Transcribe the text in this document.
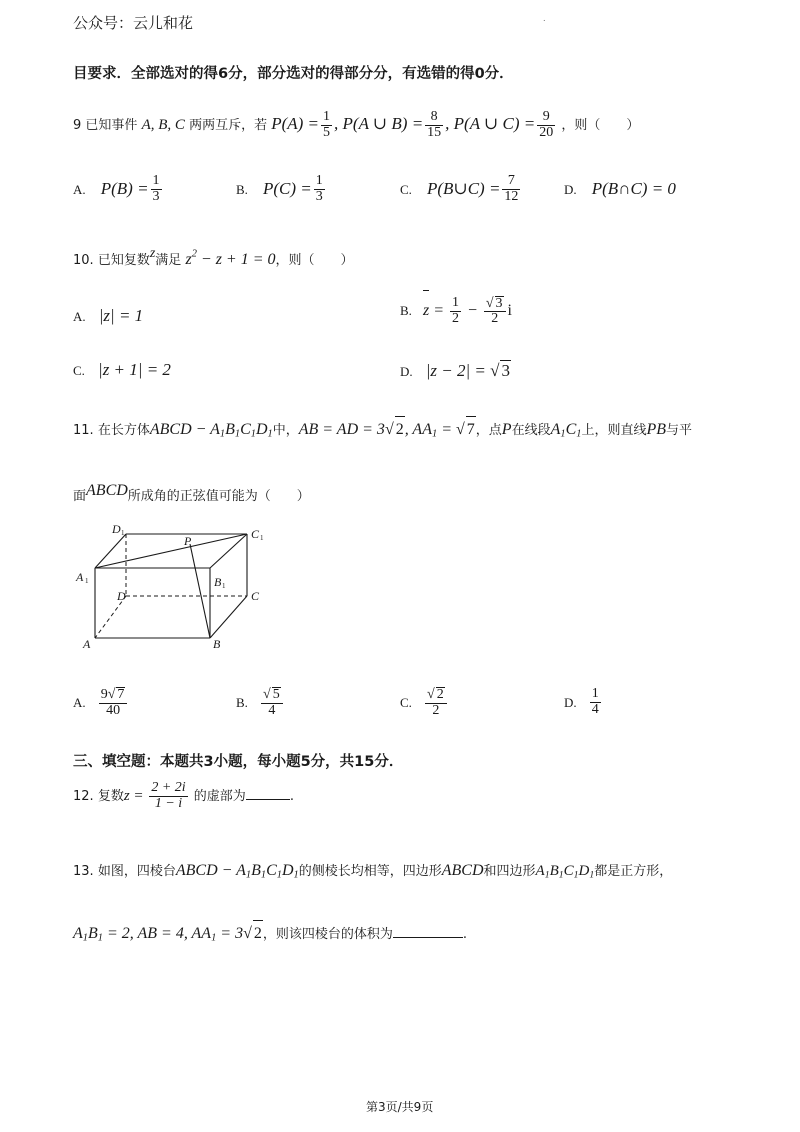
公众号：云儿和花	.
目要求．全部选对的得6分，部分选对的得部分分，有选错的得0分．
9 已知事件 A, B, C 两两互斥，若 $P(A) = \frac{1}{5}$ , P(A ∪ $B) = \frac{8}{15}$ , P(A ∪ $C) = \frac{9}{20}$ ，则（　　）
A. $P(B) = \frac{1}{3}$	B. $P(C) = \frac{1}{3}$	C. P(B∪C) = $\frac{7}{12}$	D. P(B∩C) = 0
10. 已知复数z满足 $z^2 - z + 1 = 0$，则（　　）
A. |z| = 1	B. $z = \frac{1}{2} - \frac{√ 3}{2}$ i
C. |z + 1| = 2	D. |z − 2| = √ 3
11. 在长方体ABCD − $A_1B_1C_1D_1$中，AB = AD = 3√ 2, $AA_1$ = √ 7，点P在线段$A_1C_1$上，则直线PB与平
面ABCD所成角的正弦值可能为（　　）
D 1	C 1
A 1	B 1
P
D	C
A	B
A. $\frac{9√ 7}{40}$	B. $\frac{√ 5}{4}$	C. $\frac{√ 2}{2}$	D. $\frac{1}{4}$
三、填空题：本题共3小题，每小题5分，共15分．
12. 复数$z = \frac{2 + 2i}{1 - i}$ 的虚部为	.
13. 如图，四棱台ABCD − $A_1B_1C_1D_1$的侧棱长均相等，四边形ABCD和四边形$A_1B_1C_1D_1$都是正方形，
$A_1B_1 = 2$, AB = 4, $AA_1 = 3√$ 2，则该四棱台的体积为	.
第3页/共9页
